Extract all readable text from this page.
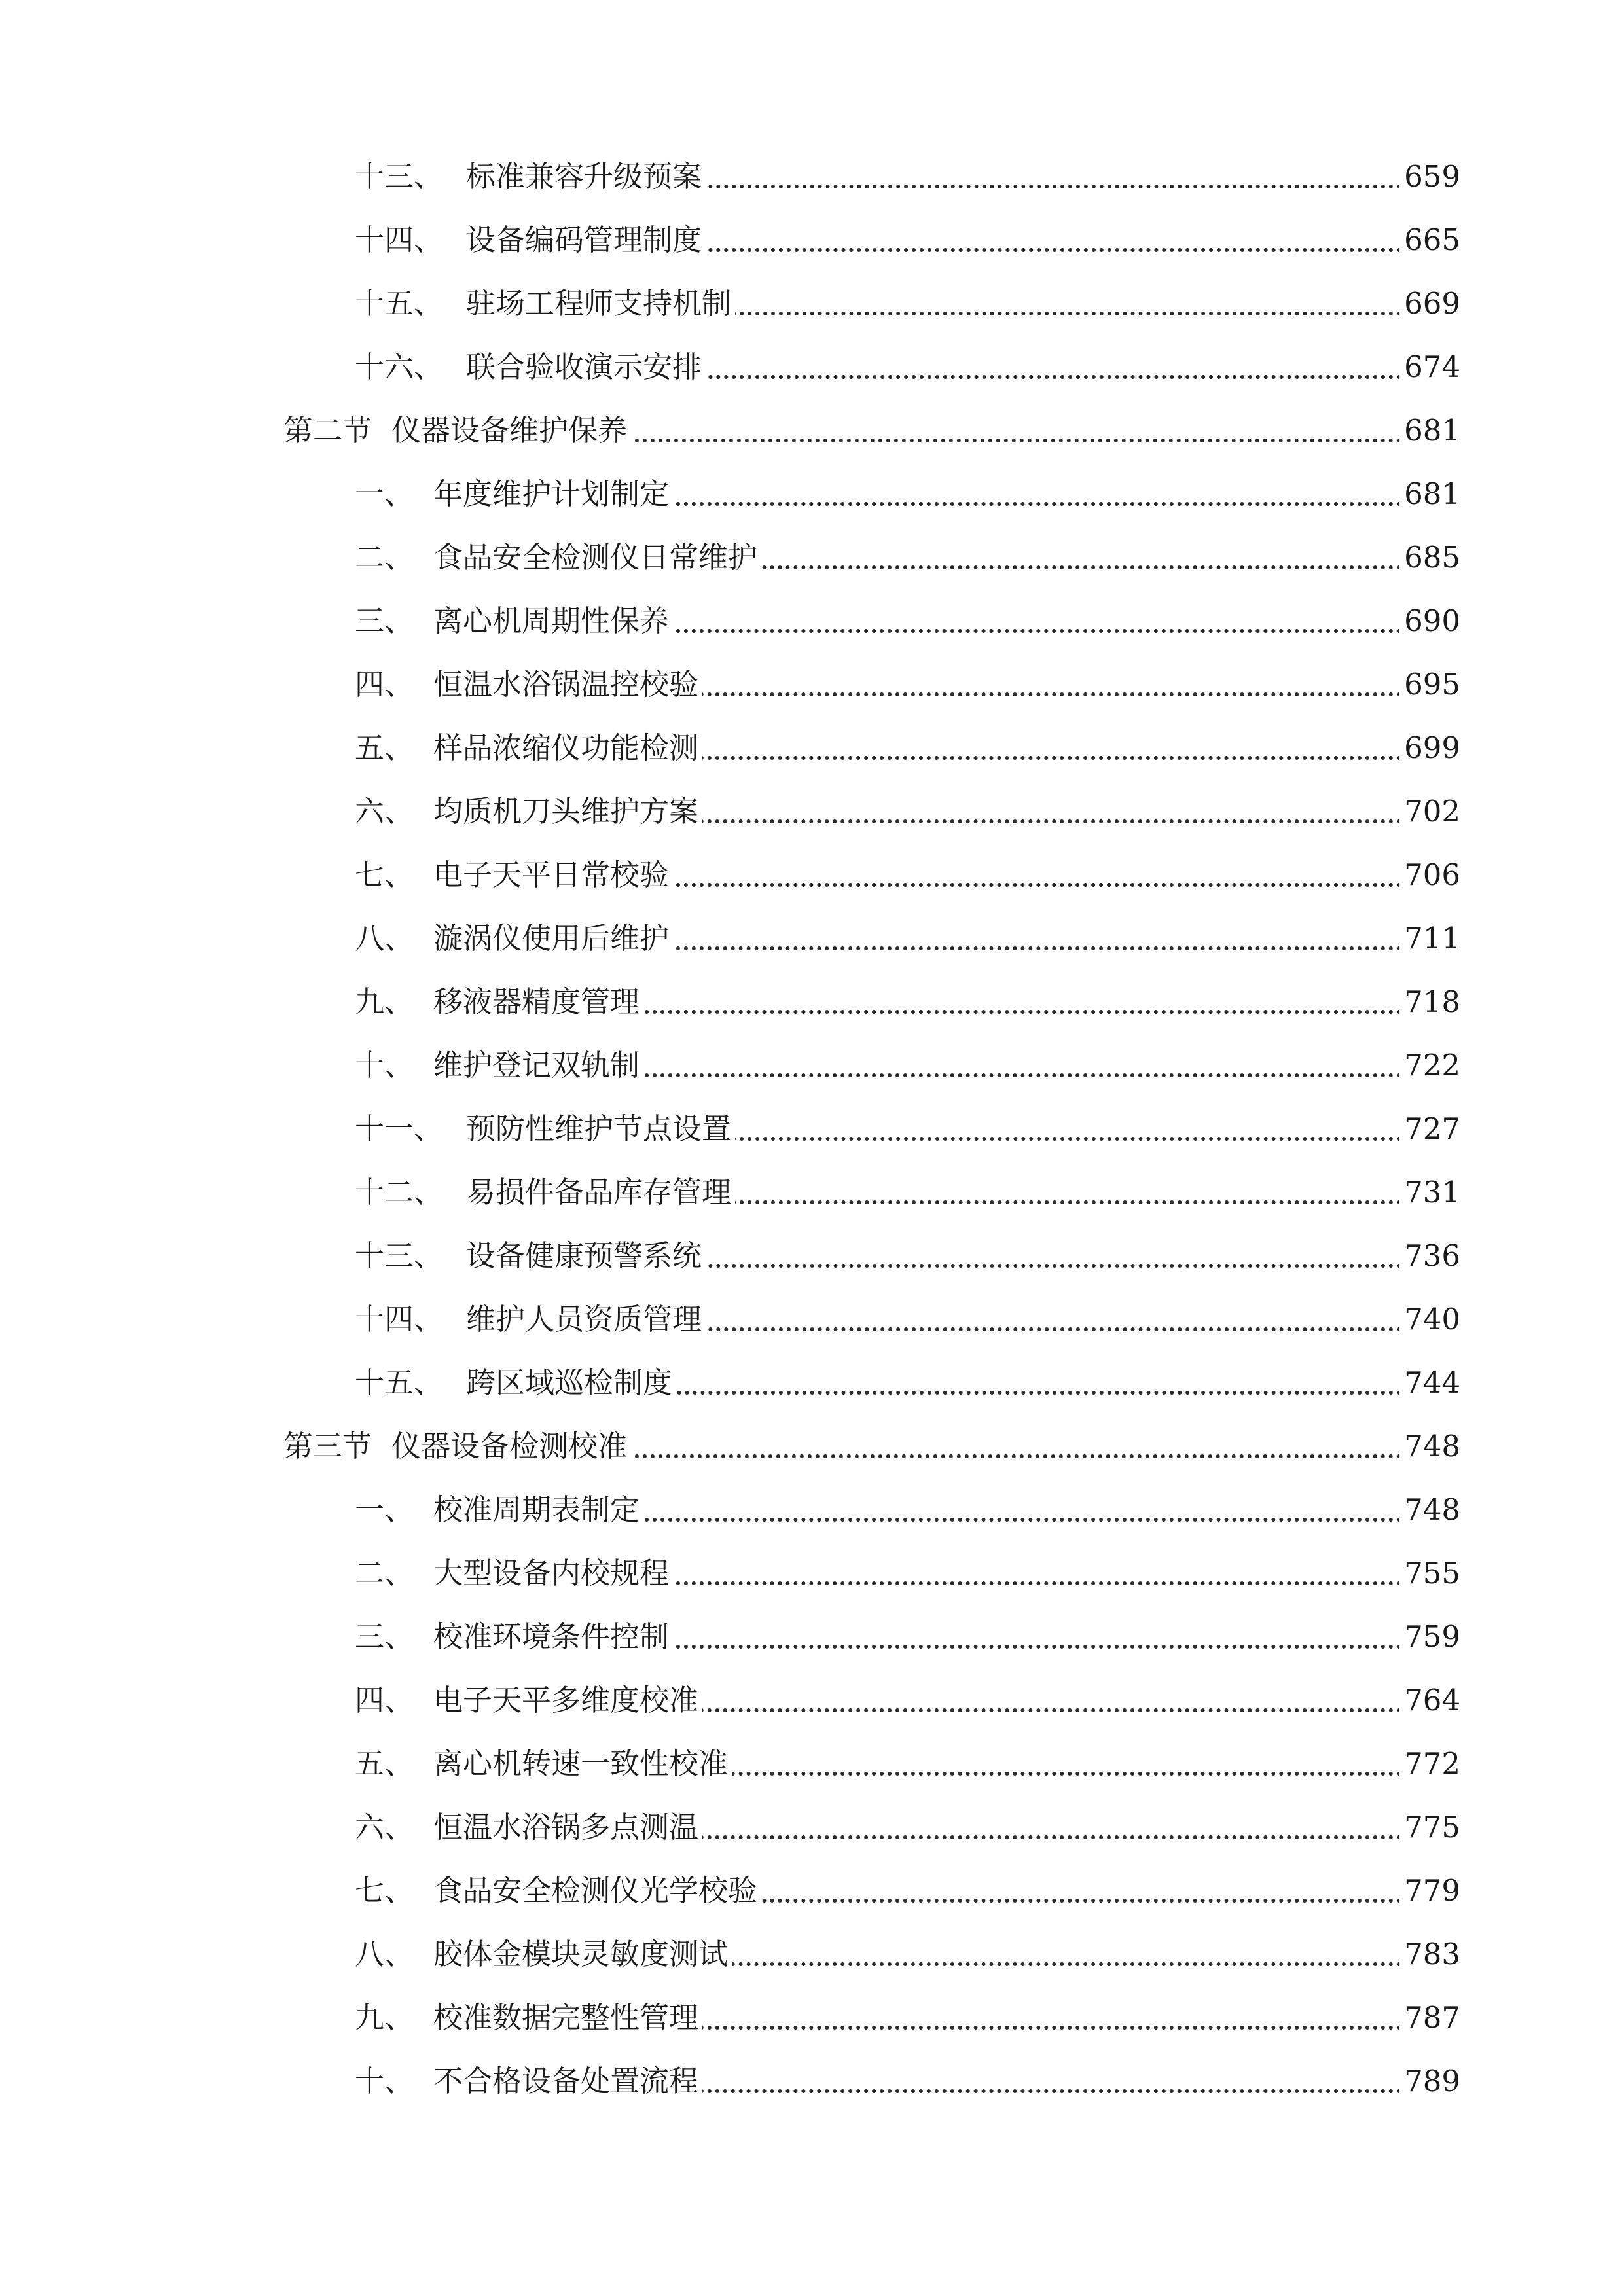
十三、 标准兼容升级预案	659
十四、 设备编码管理制度	665
十五、 驻场工程师支持机制	669
十六、 联合验收演示安排	674
第二节 仪器设备维护保养	681
一、 年度维护计划制定	681
二、 食品安全检测仪日常维护	685
三、 离心机周期性保养	690
四、 恒温水浴锅温控校验	695
五、 样品浓缩仪功能检测	699
六、 均质机刀头维护方案	702
七、 电子天平日常校验	706
八、 漩涡仪使用后维护	711
九、 移液器精度管理	718
十、 维护登记双轨制	722
十一、 预防性维护节点设置	727
十二、 易损件备品库存管理	731
十三、 设备健康预警系统	736
十四、 维护人员资质管理	740
十五、 跨区域巡检制度	744
第三节 仪器设备检测校准	748
一、 校准周期表制定	748
二、 大型设备内校规程	755
三、 校准环境条件控制	759
四、 电子天平多维度校准	764
五、 离心机转速一致性校准	772
六、 恒温水浴锅多点测温	775
七、 食品安全检测仪光学校验	779
八、 胶体金模块灵敏度测试	783
九、 校准数据完整性管理	787
十、 不合格设备处置流程	789
